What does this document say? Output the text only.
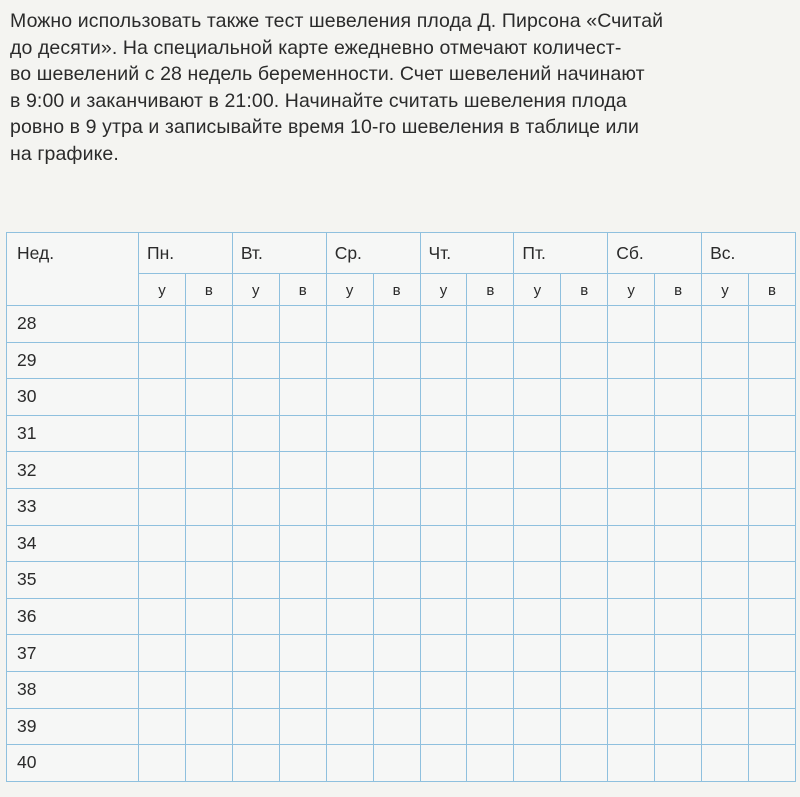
Можно использовать также тест шевеления плода Д. Пирсона «Считай
до десяти». На специальной карте ежедневно отмечают количест-
во шевелений с 28 недель беременности. Счет шевелений начинают
в 9:00 и заканчивают в 21:00. Начинайте считать шевеления плода
ровно в 9 утра и записывайте время 10-го шевеления в таблице или
на графике.
Нед.	Пн.		Вт.		Ср.		Чт.		Пт.		Сб.		Вс.	
	у	в	у	в	у	в	у	в	у	в	у	в	у	в
28														
29														
30														
31														
32														
33														
34														
35														
36														
37														
38														
39														
40														
